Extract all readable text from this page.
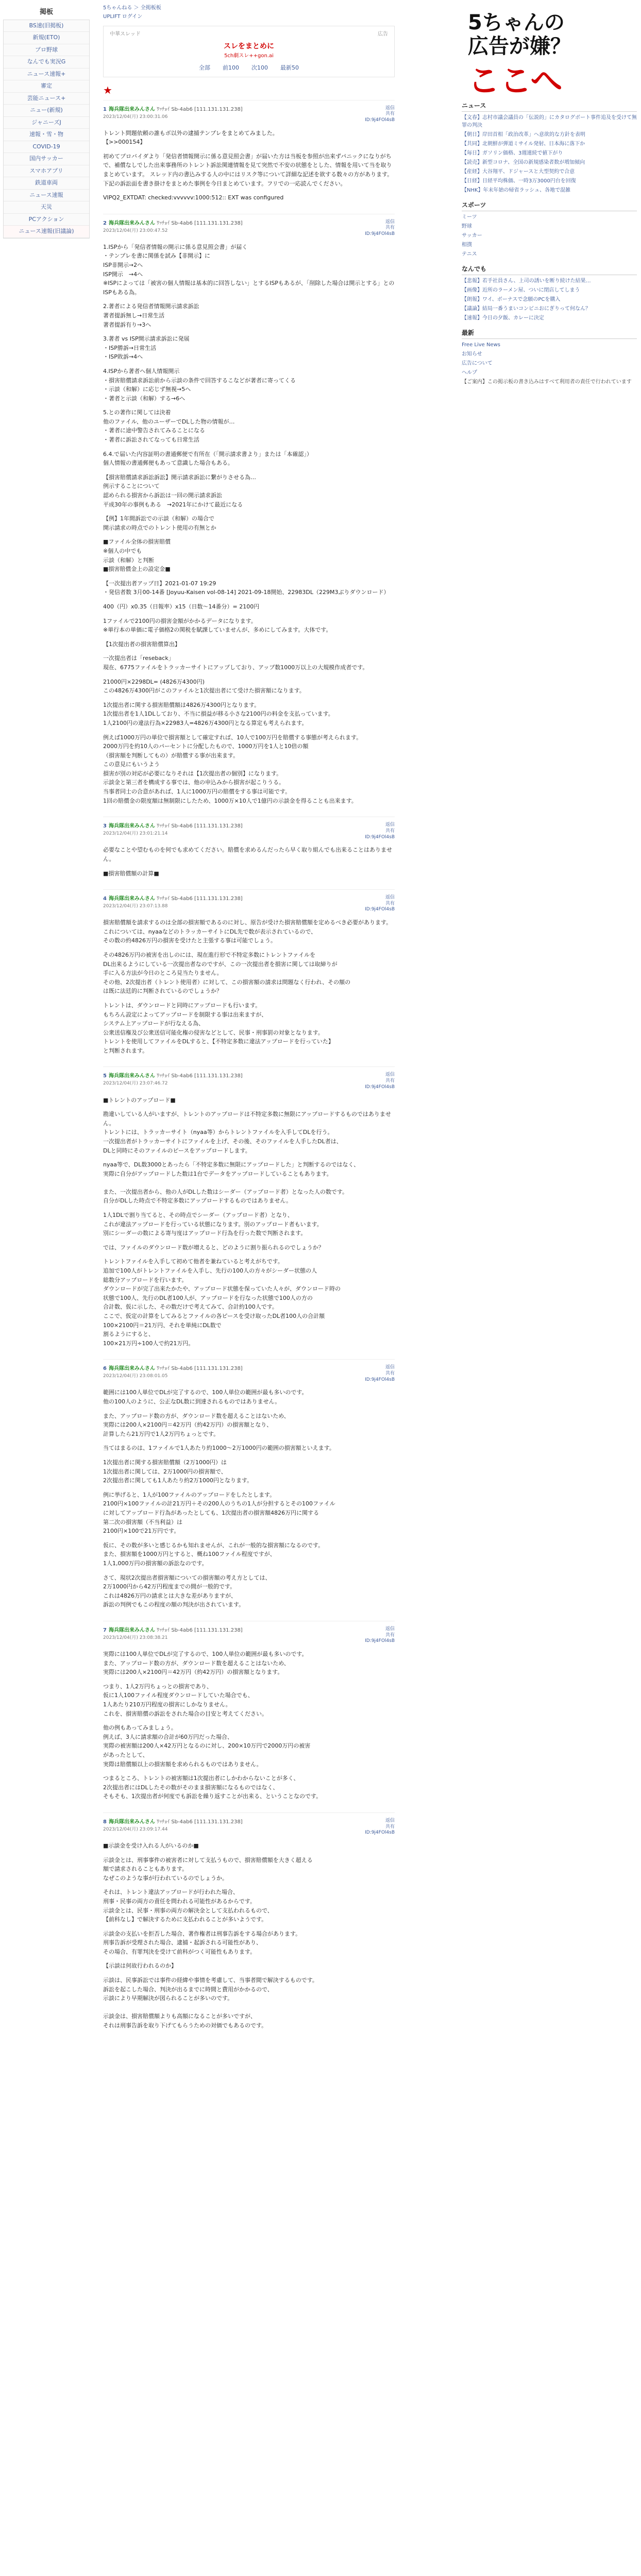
掲板
BS速(旧掲板)
新規(ETO)
プロ野球
なんでも実況G
ニュース速報+
審定
芸能ニュース+
ニュー(新規)
ジャニーズJ
速報・雪・物
COVID-19
国内サッカー
スマホアプリ
鉄道車両
ニュース速報
天災
PCアクション
ニュース速報(旧議論)
5ちゃんねる ＞ 全掲板板
UPLIFT ログイン
中華スレッド	広告
スレをまとめに
5ch劇スレ++gon.ai
全部 前100 次100 最新50
★
1 海兵隊出来みんさん ﾜｯﾁｮｲ Sb-4ab6 [111.131.131.238]
2023/12/04(月) 23:00:31.06
返信
共有
ID:9j4FOl4sB

トレント問題依頼の誰もボ以外の逮捕テンプレをまとめてみました。
【>>000154】

初めてプロバイダより「発信者情報開示に係る意見照会書」が届いた方は当板を参照が出来ずパニックになりがちで、補償なしでした出来事務所のトレント訴訟関連情報を見て突然で不安の状態をとした、情報を用いて当を取りまとめています。 スレッド内の書込みする人の中にはリスク等について詳細な記述を欲する数々の方があります。下記の訴訟面を書き掛けをまとめた事例を今日まとめています。フリでの一応読んでください。

VIPQ2_EXTDAT: checked:vvvvvv:1000:512:: EXT was configured

2 海兵隊出来みんさん ﾜｯﾁｮｲ Sb-4ab6 [111.131.131.238]
2023/12/04(月) 23:00:47.52
返信
共有
ID:9j4FOl4sB

1.ISPから「発信者情報の開示に係る意見照会書」が届く
・テンプレを書に関係を試み【非開示】に
ISP非開示→2へ
ISP開示　→4へ
※ISPによっては「被害の個人情報は基本的に回答しない」とするISPもあるが、「削除した場合は開示とする」とのISPもある為。

2.著者による発信者情報開示請求訴訟
著者提訴無し→日常生活
著者提訴有り→3へ

3.著者 vs ISP開示請求訴訟に発展
・ISP勝訴→日常生活
・ISP敗訴→4へ

4.ISPから著者へ個人情報開示
・損害賠償請求訴訟前から示談の条件で回答するこなどが著者に寄ってくる
・示談（和解）に応じず無視→5へ
・著者と示談（和解）する→6へ

5.との著作に関しては決着
他のファイル、他のユーザーでDLした物の情報が…
・著者に途中警告されてみることになる
・著者に訴訟されてなっても日常生活

6.4.で届いた内容証明の書通郵便で有所在（「開示請求書より」または「本確認」）
個人情報の書通郵便もあって意識した場合もある。

【損害賠償請求訴訟訴訟】開示請求訴訟に繋がりさせる為…
例示することについて
認められる損害から訴訟は一回の開示請求訴訟
平成30年の事例もある　→2021年にかけて最近になる

【例】1年間訴訟での示談（和解）の場合で
開示請求の時点でのトレント使用の有無とか

■ファイル全体の損害賠償
※個人の中でも
示談（和解）と判断
■損害賠償金上の設定金■

【一次提出者アップ日】2021-01-07 19:29
・発信者数 3月00-14番 [Joyuu-Kaisen vol-08-14] 2021-09-18開始、22983DL（229M3ぶりダウンロード）

400（円）x0.35（日報率）x15（日数～14番分）= 2100円

1ファイルで2100円の損害金額がかかるデータになります。
※単行本の単価に電子価格2の関税を賦課していませんが、多めにしてみます。大体です。

【1次提出者の損害賠償算出】

一次提出者は「reseback」
現在、6775ファイルをトラッカーサイトにアップしており、アップ数1000万以上の大規模作成者です。

21000円×2298DL= (4826万4300円)
この4826万4300円がこのファイルと1次提出者にて受けた損害額になります。

1次提出者に関する損害賠償額は4826万4300円となります。
1次提出者を1人1DLしており、不当に損益が移る小さな2100円の料金を支払っています。
1人2100円の違法行為×22983人=4826万4300円となる算定も考えられます。

例えば1000万円の単位で損害額として確定すれば、10人で100万円を賠償する事態が考えられます。
2000万円を約10人のパーセントに分配したもので、1000万円を1人と10倍の額
（損害額を判断してもの）が賠償する事が出来ます。
この意見にもいうよう
損害が別の対応が必要になりそれは【1次提出者の個別】になります。
示談金と第三者を構成する事では、他の申込みから損害が起こりうる。
当事者同士の合意があれば、1人に1000万円の賠償をする事は可能です。
1回の賠償金の限度額は無制限にしたため、1000万×10人で1億円の示談金を得ることも出来ます。

3 海兵隊出来みんさん ﾜｯﾁｮｲ Sb-4ab6 [111.131.131.238]
2023/12/04(月) 23:01:21.14
返信
共有
ID:9j4FOl4sB

必要なことや望むものを何でも求めてください。賠償を求めるんだったら早く取り組んでも出来ることはありません。

■損害賠償額の計算■

4 海兵隊出来みんさん ﾜｯﾁｮｲ Sb-4ab6 [111.131.131.238]
2023/12/04(月) 23:07:13.88
返信
共有
ID:9j4FOl4sB

損害賠償額を請求するのは全部の損害額であるのに対し、原告が受けた損害賠償額を定めるべき必要があります。
これについては、nyaaなどのトラッカーサイトにDL先で数が表示されているので、
その数の約4826万円の損害を受けたと主張する事は可能でしょう。

その4826万円の被害を出しのには、現在進行形で不特定多数にトレントファイルを
DL出来るようにしている一次提出者なのですが、この一次提出者を損害に関しては取締りが
手に入る方法が今日のところ見当たりません。
その他、2次提出者（トレント使用者）に対して、この損害額の請求は問題なく行われ、その額の
は既に法廷的に判断されているのでしょうか？

トレントは、ダウンロードと同時にアップロードも行います。
もちろん設定によってアップロードを制限する事は出来ますが、
システム上アップロードが行なえる為、
公衆送信権及び公衆送信可能化権の侵害などとして、民事・刑事罰の対象となります。
トレントを使用してファイルをDLすると、【不特定多数に違法アップロードを行っていた】
と判断されます。

5 海兵隊出来みんさん ﾜｯﾁｮｲ Sb-4ab6 [111.131.131.238]
2023/12/04(月) 23:07:46.72
返信
共有
ID:9j4FOl4sB

■トレントのアップロード■

勘違いしている人がいますが、トレントのアップロードは不特定多数に無限にアップロードするものではありません。
トレントには、トラッカーサイト（nyaa等）からトレントファイルを入手してDLを行う。
一次提出者がトラッカーサイトにファイルを上げ、その後、そのファイルを人手したDL者は、
DLと同時にそのファイルのピースをアップロードします。

nyaa等で、DL数3000とあったら「不特定多数に無限にアップロードした」と判断するのではなく、
実際に自分がアップロードした数は1台でデータをアップロードしていることもあります。

また、一次提出者から、他の人がDLした数はシーダー（アップロード者）となった人の数です。
自分がDLした時点で不特定多数にアップロードするものではありません。

1人1DLで割り当てると、その時点でシーダー（アップロード者）となり、
これが違法アップロードを行っている状態になります。別のアップロード者もいます。
別にシーダーの数による寄与度はアップロード行為を行った数で判断されます。

では、ファイルのダウンロード数が増えると、どのように割り振られるのでしょうか？

トレントファイルを入手して初めて他者を兼ねていると考えがちです。
追加で100人がトレントファイルを入手し、先行の100人の方々がシーダー状態の人
総数分アップロードを行います。
ダウンロードが完了出来たかたや、アップロード状態を保っていた人々が、ダウンロード時の
状態で100人、先行のDL者100人が、アップロードを行なった状態で100人の方の
合計数、仮に示した、その数だけで考えてみて、合計約100人です。
ここで、仮定の計算をしてみるとファイルの各ピースを受け取ったDL者100人の合計額
100×2100円＝21万円、それを単純にDL数で
割るようにすると、
100×21万円÷100人で約21万円。

6 海兵隊出来みんさん ﾜｯﾁｮｲ Sb-4ab6 [111.131.131.238]
2023/12/04(月) 23:08:01.05
返信
共有
ID:9j4FOl4sB

範囲には100人単位でDLが完了するので、100人単位の範囲が最も多いのです。
他の100人のように、公正なDL数に到達されるものではありません。

また、アップロード数の方が、ダウンロード数を超えることはないため、
実際には200人×2100円＝42万円（約42万円）の損害額となり、
計算したら21万円で1人2万円ちょっとです。

当てはまるのは、1ファイルで1人あたり約1000～2万1000円の範囲の損害額といえます。

1次提出者に関する損害賠償額（2万1000円）は
1次提出者に関しては、2万1000円の損害額で、
2次提出者に関しても1人あたり約2万1000円となります。

例に挙げると、1人が100ファイルのアップロードをしたとします。
2100円×100ファイルの計21万円＋その200人のうちの1人が分担するとその100ファイル
に対してアップロード行為があったとしても、1次提出者の損害額4826万円に関する
第二次の損害額（不当利益）は
2100円×100で21万円です。

仮に、その数が多いと感じるかも知れませんが、これが一般的な損害額になるのです。
また、損害額を1000万円とすると、概ね100ファイル程度ですが、
1人1,000万円の損害額の訴訟なのです。

さて、現状2次提出者損害額についての損害額の考え方としては、
2万1000円から42万円程度までの間が一般的です。
これは4826万円の請求とは大きな差がありますが、
訴訟の判例でもこの程度の額の判決が出されています。

7 海兵隊出来みんさん ﾜｯﾁｮｲ Sb-4ab6 [111.131.131.238]
2023/12/04(月) 23:08:38.21
返信
共有
ID:9j4FOl4sB

実際には100人単位でDLが完了するので、100人単位の範囲が最も多いのです。
また、アップロード数の方が、ダウンロード数を超えることはないため、
実際には200人×2100円＝42万円（約42万円）の損害額となります。

つまり、1人2万円ちょっとの損害であり、
仮に1人100ファイル程度ダウンロードしていた場合でも、
1人あたり210万円程度の損害にしかなりません。
これを、損害賠償の訴訟をされた場合の目安と考えてください。

他の例もあってみましょう。
例えば、3人に請求額の合計が60万円だった場合、
実際の被害額は200人×42万円となるのに対し、200×10万円で2000万円の被害
があったとして、
実際は賠償額以上の損害額を求められるものではありません。

つまるところ、トレントの被害額は1次提出者にしかわからないことが多く、
2次提出者にはDLしたその数がそのまま損害額になるものではなく、
そもそも、1次提出者が何度でも訴訟を繰り返すことが出来る、ということなのです。

8 海兵隊出来みんさん ﾜｯﾁｮｲ Sb-4ab6 [111.131.131.238]
2023/12/04(月) 23:09:17.44
返信
共有
ID:9j4FOl4sB

■示談金を受け入れる人がいるのか■

示談金とは、刑事事件の被害者に対して支払うもので、損害賠償額を大きく超える
額で請求されることもあります。
なぜこのような事が行われているのでしょうか。

それは、トレント違法アップロードが行われた場合、
刑事・民事の両方の責任を問われる可能性があるからです。
示談金とは、民事・刑事の両方の解決金として支払われるもので、
【前科なし】で解決するために支払われることが多いようです。

示談金の支払いを拒否した場合、著作権者は刑事告訴をする場合があります。
刑事告訴が受理された場合、逮捕・起訴される可能性があり、
その場合、有罪判決を受けて前科がつく可能性もあります。

【示談は何故行われるのか】

示談は、民事訴訟では事件の経緯や事情を考慮して、当事者間で解決するものです。
訴訟を起こした場合、判決が出るまでに時間と費用がかかるので、
示談により早期解決が図られることが多いのです。

示談金は、損害賠償額よりも高額になることが多いですが、
それは刑事告訴を取り下げてもらうための対価でもあるのです。

5ちゃんの
広告が嫌？
ここへ
ニュース
【文春】志村市議会議員の「伝説的」にカタログボート事件追及を受けて無罪の判決
【朝日】岸田首相「政治改革」へ意欲的な方針を表明
【共同】北朝鮮が弾道ミサイル発射、日本海に落下か
【毎日】ガソリン価格、3週連続で値下がり
【読売】新型コロナ、全国の新規感染者数が増加傾向
【産経】大谷翔平、ドジャースと大型契約で合意
【日経】日経平均株価、一時3万3000円台を回復
【NHK】年末年始の帰省ラッシュ、各地で混雑
スポーツ
ミーツ
野球
サッカー
相撲
テニス
なんでも
【悲報】若手社員さん、上司の誘いを断り続けた結果…
【画像】近所のラーメン屋、ついに閉店してしまう
【朗報】ワイ、ボーナスで念願のPCを購入
【議論】結局一番うまいコンビニおにぎりって何なん？
【速報】今日の夕飯、カレーに決定
最新
Free Live News
お知らせ
広告について
ヘルプ
【ご案内】この掲示板の書き込みはすべて利用者の責任で行われています
